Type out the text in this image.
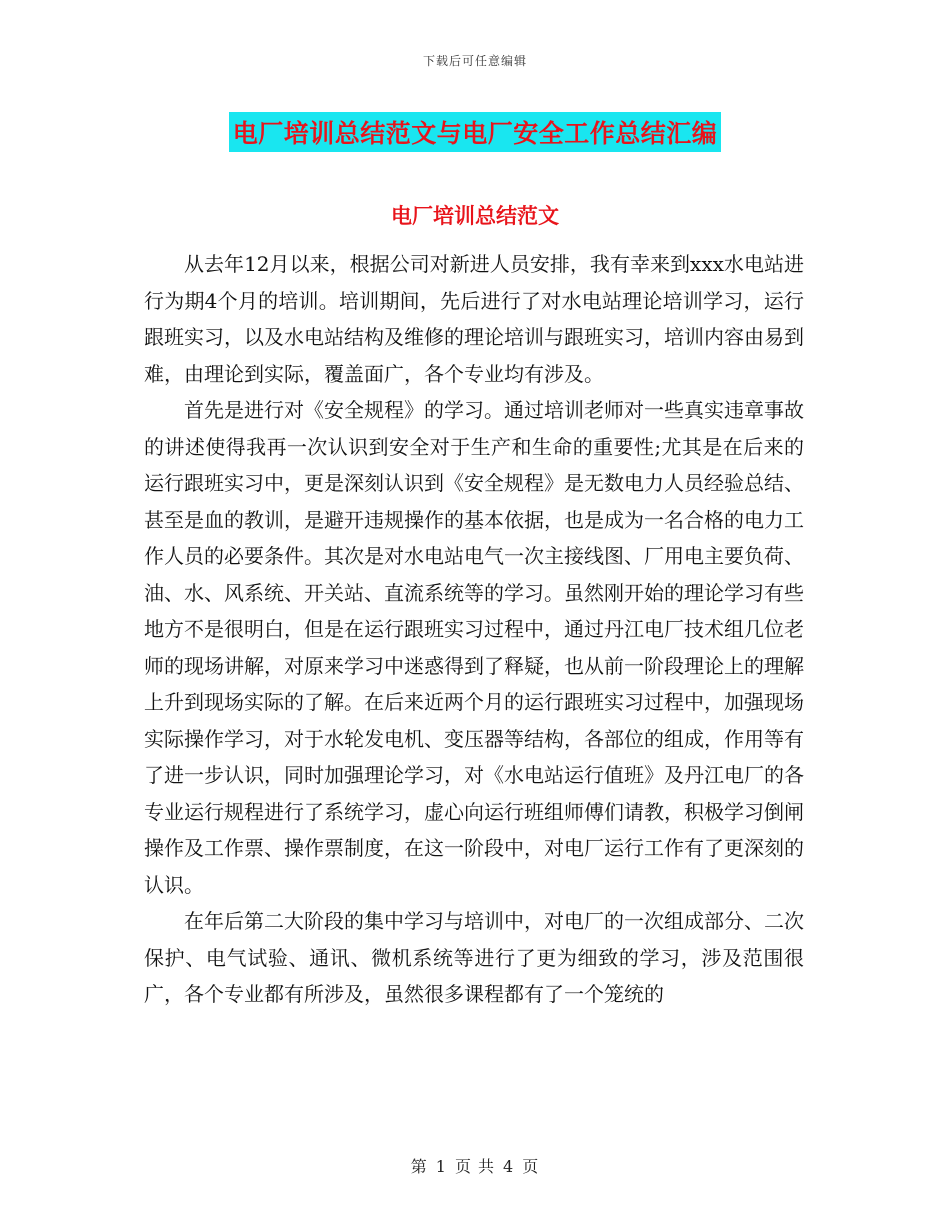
下载后可任意编辑
电厂培训总结范文与电厂安全工作总结汇编
电厂培训总结范文

从去年12月以来，根据公司对新进人员安排，我有幸来到xxx水电站进行为期4个月的培训。培训期间，先后进行了对水电站理论培训学习，运行跟班实习，以及水电站结构及维修的理论培训与跟班实习，培训内容由易到难，由理论到实际，覆盖面广，各个专业均有涉及。

首先是进行对《安全规程》的学习。通过培训老师对一些真实违章事故的讲述使得我再一次认识到安全对于生产和生命的重要性;尤其是在后来的运行跟班实习中，更是深刻认识到《安全规程》是无数电力人员经验总结、甚至是血的教训，是避开违规操作的基本依据，也是成为一名合格的电力工作人员的必要条件。其次是对水电站电气一次主接线图、厂用电主要负荷、油、水、风系统、开关站、直流系统等的学习。虽然刚开始的理论学习有些地方不是很明白，但是在运行跟班实习过程中，通过丹江电厂技术组几位老师的现场讲解，对原来学习中迷惑得到了释疑，也从前一阶段理论上的理解上升到现场实际的了解。在后来近两个月的运行跟班实习过程中，加强现场实际操作学习，对于水轮发电机、变压器等结构，各部位的组成，作用等有了进一步认识，同时加强理论学习，对《水电站运行值班》及丹江电厂的各专业运行规程进行了系统学习，虚心向运行班组师傅们请教，积极学习倒闸操作及工作票、操作票制度，在这一阶段中，对电厂运行工作有了更深刻的认识。

在年后第二大阶段的集中学习与培训中，对电厂的一次组成部分、二次保护、电气试验、通讯、微机系统等进行了更为细致的学习，涉及范围很广，各个专业都有所涉及，虽然很多课程都有了一个笼统的

第 1 页 共 4 页
